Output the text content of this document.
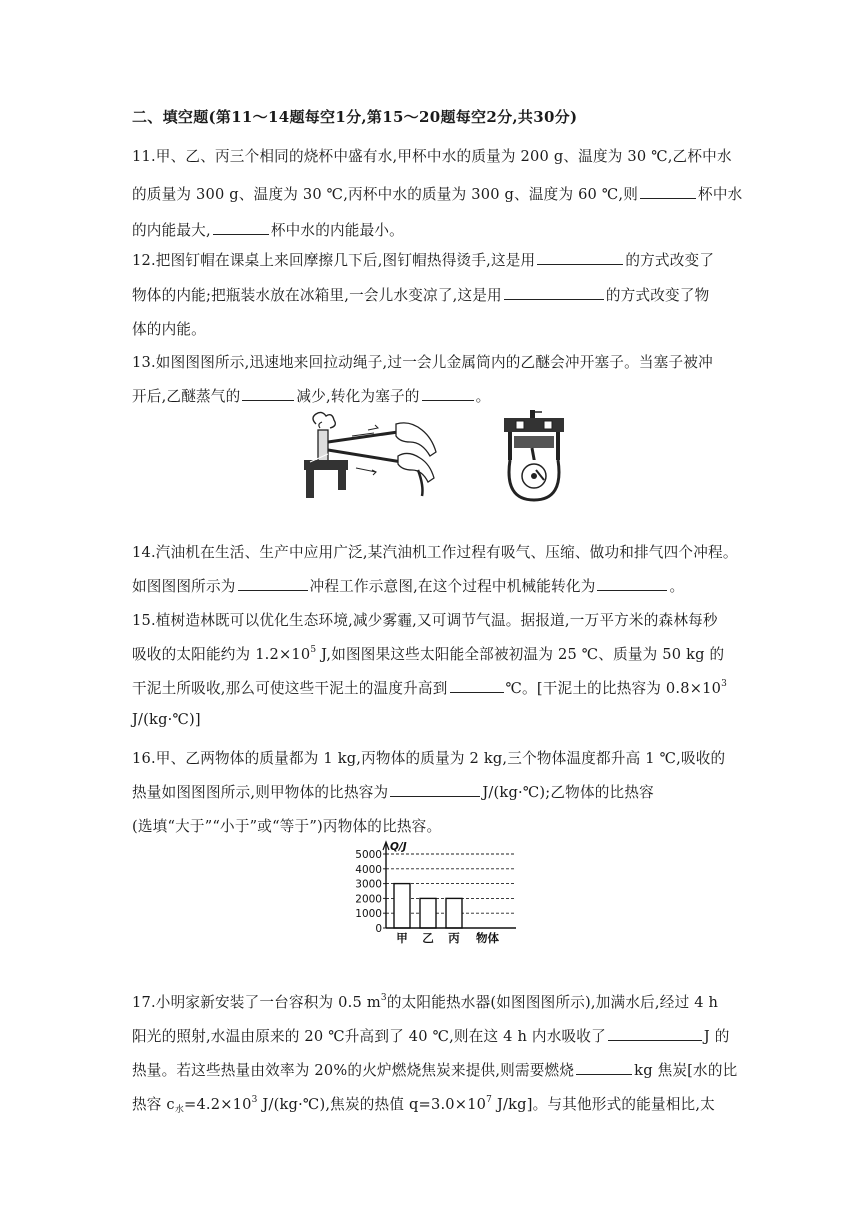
二、填空题(第11～14题每空1分,第15～20题每空2分,共30分)
11.甲、乙、丙三个相同的烧杯中盛有水,甲杯中水的质量为 200 g、温度为 30 ℃,乙杯中水
的质量为 300 g、温度为 30 ℃,丙杯中水的质量为 300 g、温度为 60 ℃,则	杯中水
的内能最大,	杯中水的内能最小。
12.把图钉帽在课桌上来回摩擦几下后,图钉帽热得烫手,这是用	的方式改变了
物体的内能;把瓶装水放在冰箱里,一会儿水变凉了,这是用	的方式改变了物
体的内能。
13.如图图图所示,迅速地来回拉动绳子,过一会儿金属筒内的乙醚会冲开塞子。当塞子被冲
开后,乙醚蒸气的	减少,转化为塞子的	。
14.汽油机在生活、生产中应用广泛,某汽油机工作过程有吸气、压缩、做功和排气四个冲程。
如图图图所示为	冲程工作示意图,在这个过程中机械能转化为	。
15.植树造林既可以优化生态环境,减少雾霾,又可调节气温。据报道,一万平方米的森林每秒
吸收的太阳能约为 $1.2\times 10^5$ J,如图图果这些太阳能全部被初温为 25 ℃、质量为 50 kg 的
干泥土所吸收,那么可使这些干泥土的温度升高到	℃。[干泥土的比热容为 $0.8\times 10^3$
J/(kg·℃)]
16.甲、乙两物体的质量都为 1 kg,丙物体的质量为 2 kg,三个物体温度都升高 1 ℃,吸收的
热量如图图图所示,则甲物体的比热容为	J/(kg·℃);乙物体的比热容
(选填“大于”“小于”或“等于”)丙物体的比热容。
0
1000
2000
3000
4000
5000
Q/J
甲 乙 丙 物体
17.小明家新安装了一台容积为 0.5 $m^3$的太阳能热水器(如图图图所示),加满水后,经过 4 h
阳光的照射,水温由原来的 20 ℃升高到了 40 ℃,则在这 4 h 内水吸收了	J 的
热量。若这些热量由效率为 20%的火炉燃烧焦炭来提供,则需要燃烧	kg 焦炭[水的比
热容 $c_水=4.2\times 10^3$ J/(kg·℃),焦炭的热值 $q=3.0\times 10^7$ J/kg]。与其他形式的能量相比,太
